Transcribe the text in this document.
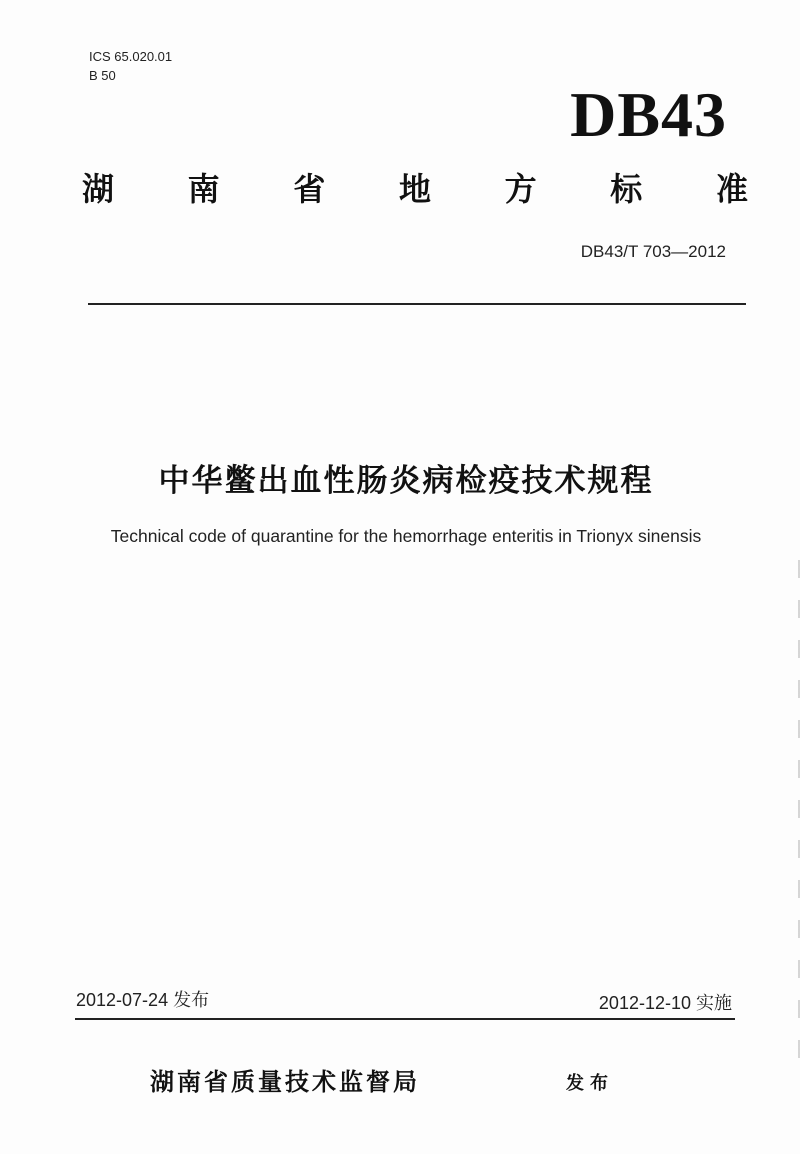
ICS 65.020.01
B 50
DB43
湖 南 省 地 方 标 准
DB43/T 703—2012
中华鳖出血性肠炎病检疫技术规程
Technical code of quarantine for the hemorrhage enteritis in Trionyx sinensis
2012-07-24 发布	2012-12-10 实施
湖南省质量技术监督局	发布
